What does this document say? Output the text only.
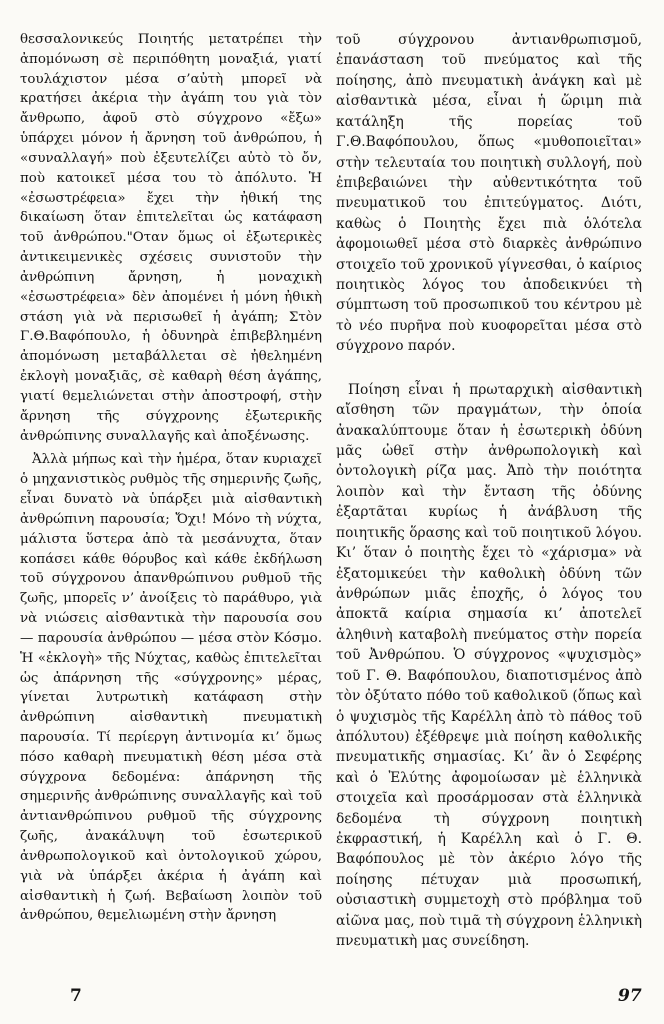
θεσσαλονικεύς Ποιητής μετατρέπει τὴν ἀπομόνωση σὲ περιπόθητη μοναξιά, γιατί τουλάχιστον μέσα σ’αὐτὴ μπορεῖ νὰ κρατήσει ἀκέρια τὴν ἀγάπη του γιὰ τὸν ἄνθρωπο, ἀφοῦ στὸ σύγχρονο «ἔξω» ὑπάρχει μόνον ἡ ἄρνηση τοῦ ἀνθρώπου, ἡ «συναλλαγή» ποὺ ἐξευτελίζει αὐτὸ τὸ ὄν, ποὺ κατοικεῖ μέσα του τὸ ἀπόλυτο. Ἡ «ἐσωστρέφεια» ἔχει τὴν ἠθική της δικαίωση ὅταν ἐπιτελεῖται ὡς κατάφαση τοῦ ἀνθρώπου."Οταν ὅμως οἱ ἐξωτερικὲς ἀντικειμενικὲς σχέσεις συνιστοῦν τὴν ἀνθρώπινη ἄρνηση, ἡ μοναχικὴ «ἐσωστρέφεια» δὲν ἀπομένει ἡ μόνη ἠθικὴ στάση γιὰ νὰ περισωθεῖ ἡ ἀγάπη; Στὸν Γ.Θ.Βαφόπουλο, ἡ ὀδυνηρὰ ἐπιβεβλημένη ἀπομόνωση μεταβάλλεται σὲ ἠθελημένη ἐκλογὴ μοναξιᾶς, σὲ καθαρὴ θέση ἀγάπης, γιατί θεμελιώνεται στὴν ἀποστροφή, στὴν ἄρνηση τῆς σύγχρονης ἐξωτερικῆς ἀνθρώπινης συναλλαγῆς καὶ ἀποξένωσης.

Ἀλλὰ μήπως καὶ τὴν ἡμέρα, ὅταν κυριαχεῖ ὁ μηχανιστικὸς ρυθμὸς τῆς σημερινῆς ζωῆς, εἶναι δυνατὸ νὰ ὑπάρξει μιὰ αἰσθαντικὴ ἀνθρώπινη παρουσία; Ὄχι! Μόνο τὴ νύχτα, μάλιστα ὕστερα ἀπὸ τὰ μεσάνυχτα, ὅταν κοπάσει κάθε θόρυβος καὶ κάθε ἐκδήλωση τοῦ σύγχρονου ἀπανθρώπινου ρυθμοῦ τῆς ζωῆς, μπορεῖς ν’ ἀνοίξεις τὸ παράθυρο, γιὰ νὰ νιώσεις αἰσθαντικὰ τὴν παρουσία σου — παρουσία ἀνθρώπου — μέσα στὸν Κόσμο. Ἡ «ἐκλογὴ» τῆς Νύχτας, καθὼς ἐπιτελεῖται ὡς ἀπάρνηση τῆς «σύγχρονης» μέρας, γίνεται λυτρωτικὴ κατάφαση στὴν ἀνθρώπινη αἰσθαντικὴ πνευματικὴ παρουσία. Τί περίεργη ἀντινομία κι’ ὅμως πόσο καθαρὴ πνευματικὴ θέση μέσα στὰ σύγχρονα δεδομένα: ἀπάρνηση τῆς σημερινῆς ἀνθρώπινης συναλλαγῆς καὶ τοῦ ἀντιανθρώπινου ρυθμοῦ τῆς σύγχρονης ζωῆς, ἀνακάλυψη τοῦ ἐσωτερικοῦ ἀνθρωπολογικοῦ καὶ ὀντολογικοῦ χώρου, γιὰ νὰ ὑπάρξει ἀκέρια ἡ ἀγάπη καὶ αἰσθαντικὴ ἡ ζωή. Βεβαίωση λοιπὸν τοῦ ἀνθρώπου, θεμελιωμένη στὴν ἄρνηση

τοῦ σύγχρονου ἀντιανθρωπισμοῦ, ἐπανάσταση τοῦ πνεύματος καὶ τῆς ποίησης, ἀπὸ πνευματικὴ ἀνάγκη καὶ μὲ αἰσθαντικὰ μέσα, εἶναι ἡ ὥριμη πιὰ κατάληξη τῆς πορείας τοῦ Γ.Θ.Βαφόπουλου, ὅπως «μυθοποιεῖται» στὴν τελευταία του ποιητικὴ συλλογή, ποὺ ἐπιβεβαιώνει τὴν αὐθεντικότητα τοῦ πνευματικοῦ του ἐπιτεύγματος. Διότι, καθὼς ὁ Ποιητὴς ἔχει πιὰ ὁλότελα ἀφομοιωθεῖ μέσα στὸ διαρκὲς ἀνθρώπινο στοιχεῖο τοῦ χρονικοῦ γίγνεσθαι, ὁ καίριος ποιητικὸς λόγος του ἀποδεικνύει τὴ σύμπτωση τοῦ προσωπικοῦ του κέντρου μὲ τὸ νέο πυρῆνα ποὺ κυοφορεῖται μέσα στὸ σύγχρονο παρόν.

Ποίηση εἶναι ἡ πρωταρχικὴ αἰσθαντικὴ αἴσθηση τῶν πραγμάτων, τὴν ὁποία ἀνακαλύπτουμε ὅταν ἡ ἐσωτερικὴ ὀδύνη μᾶς ὠθεῖ στὴν ἀνθρωπολογικὴ καὶ ὀντολογικὴ ρίζα μας. Ἀπὸ τὴν ποιότητα λοιπὸν καὶ τὴν ἔνταση τῆς ὀδύνης ἐξαρτᾶται κυρίως ἡ ἀνάβλυση τῆς ποιητικῆς ὅρασης καὶ τοῦ ποιητικοῦ λόγου. Κι’ ὅταν ὁ ποιητὴς ἔχει τὸ «χάρισμα» νὰ ἐξατομικεύει τὴν καθολικὴ ὀδύνη τῶν ἀνθρώπων μιᾶς ἐποχῆς, ὁ λόγος του ἀποκτᾶ καίρια σημασία κι’ ἀποτελεῖ ἀληθινὴ καταβολὴ πνεύματος στὴν πορεία τοῦ Ἀνθρώπου. Ὁ σύγχρονος «ψυχισμὸς» τοῦ Γ. Θ. Βαφόπουλου, διαποτισμένος ἀπὸ τὸν ὀξύτατο πόθο τοῦ καθολικοῦ (ὅπως καὶ ὁ ψυχισμὸς τῆς Καρέλλη ἀπὸ τὸ πάθος τοῦ ἀπόλυτου) ἐξέθρεψε μιὰ ποίηση καθολικῆς πνευματικῆς σημασίας. Κι’ ἂν ὁ Σεφέρης καὶ ὁ Ἐλύτης ἀφομοίωσαν μὲ ἑλληνικὰ στοιχεῖα καὶ προσάρμοσαν στὰ ἑλληνικὰ δεδομένα τὴ σύγχρονη ποιητικὴ ἐκφραστική, ἡ Καρέλλη καὶ ὁ Γ. Θ. Βαφόπουλος μὲ τὸν ἀκέριο λόγο τῆς ποίησης πέτυχαν μιὰ προσωπική, οὐσιαστικὴ συμμετοχὴ στὸ πρόβλημα τοῦ αἰῶνα μας, ποὺ τιμᾶ τὴ σύγχρονη ἑλληνικὴ πνευματικὴ μας συνείδηση.

7	97
